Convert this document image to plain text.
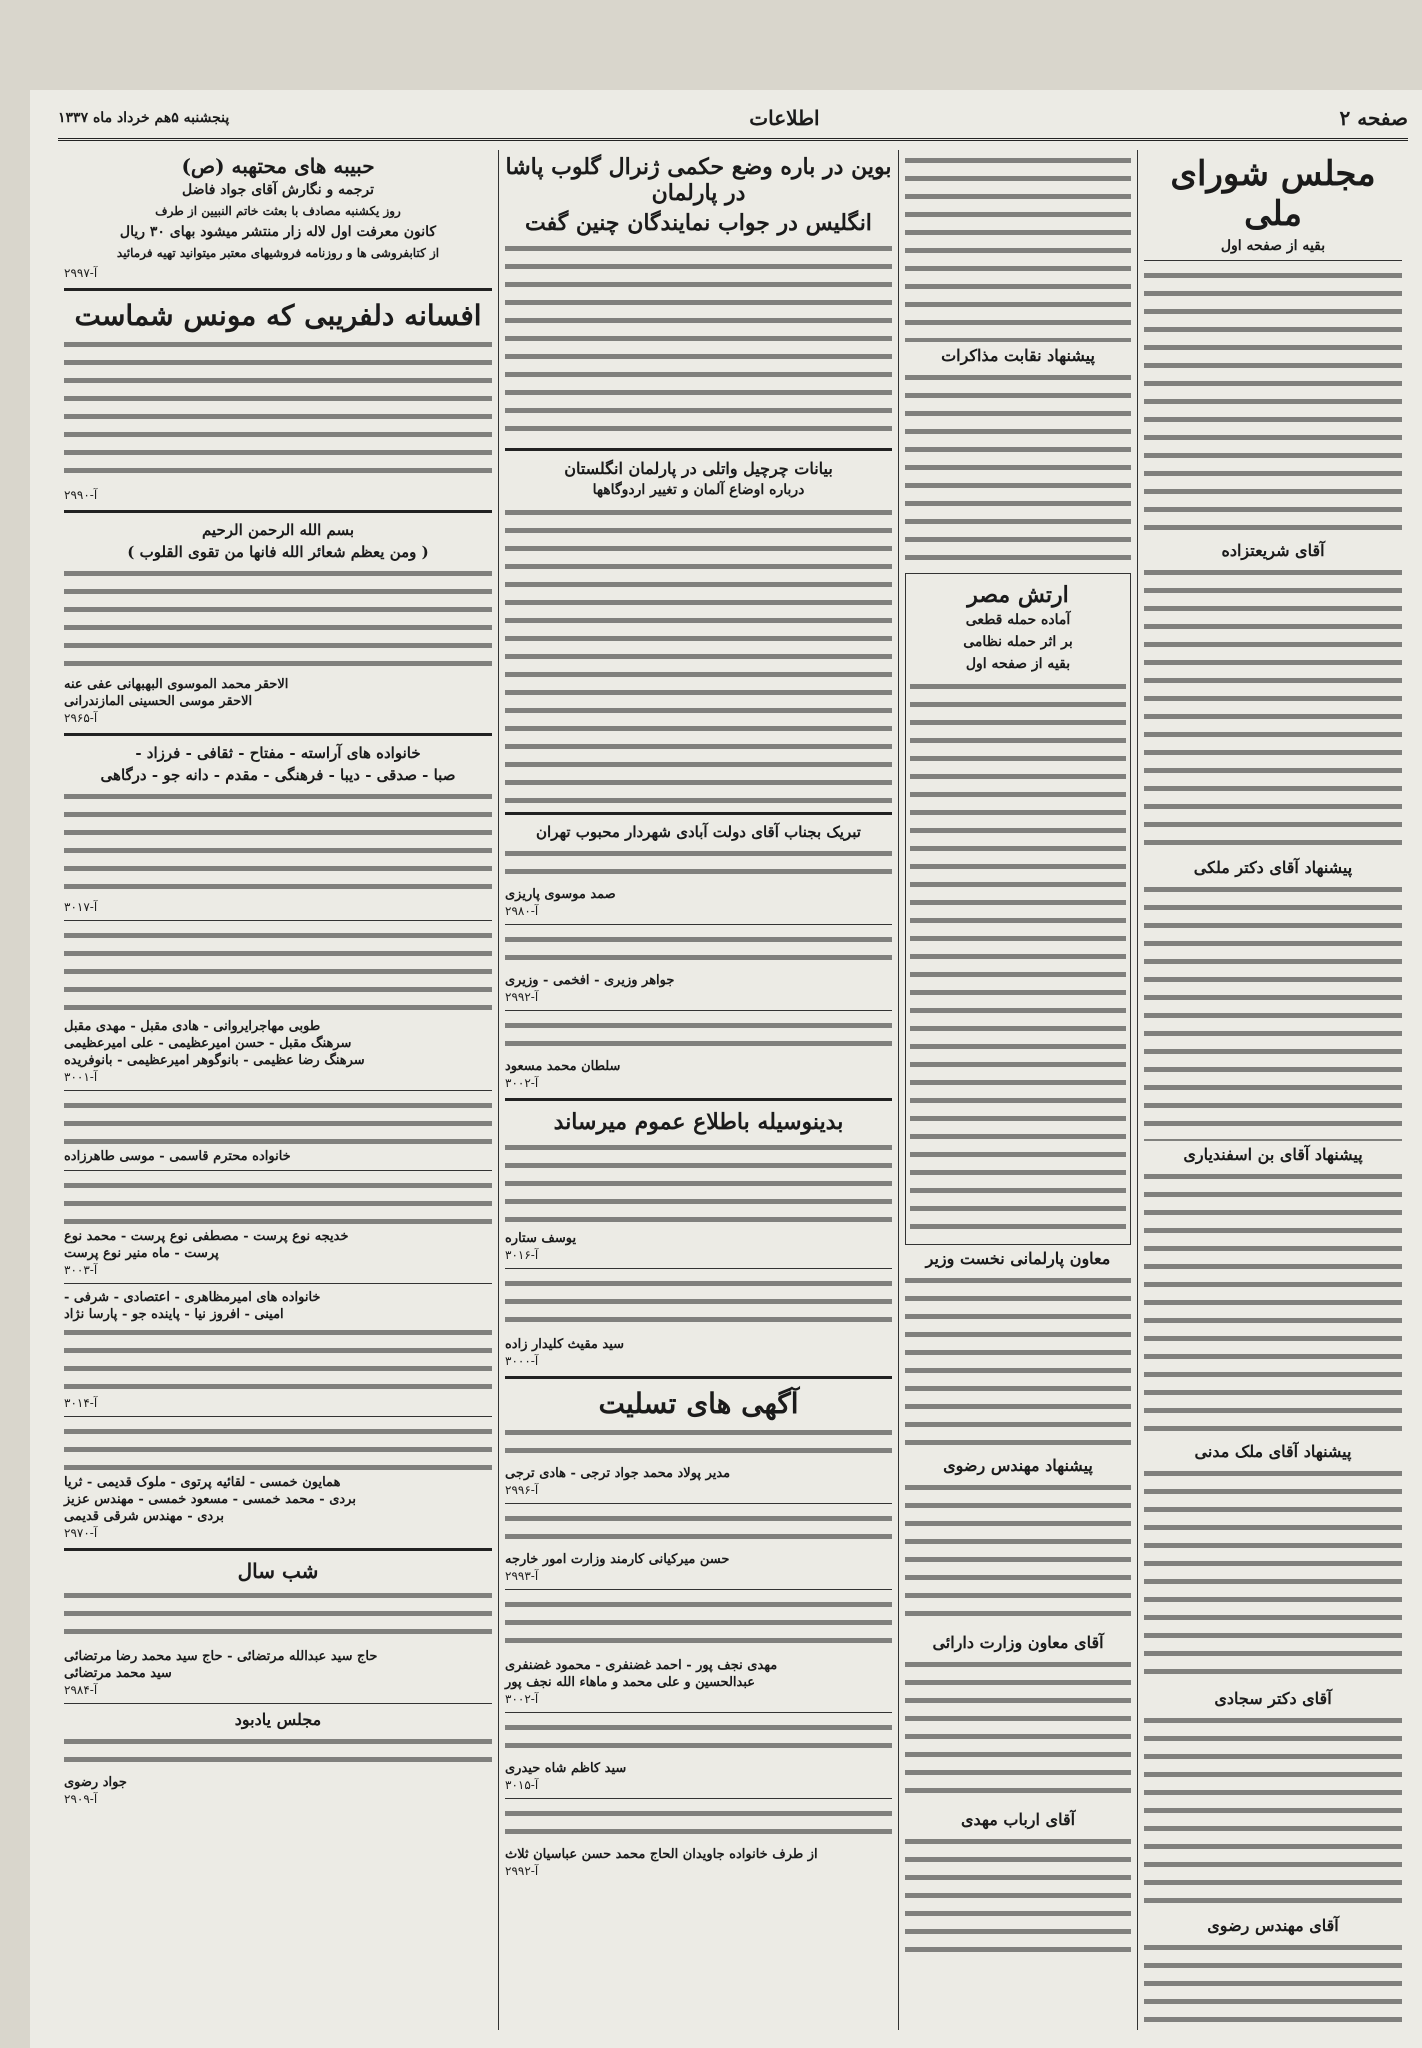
صفحه ۲
اطلاعات
پنجشنبه ۵هم خرداد ماه ۱۳۳۷
مجلس شورای ملی
بقیه از صفحه اول
آقای شریعتزاده
پیشنهاد آقای دکتر ملکی
پیشنهاد آقای بن اسفندیاری
پیشنهاد آقای ملک مدنی
آقای دکتر سجادی
آقای مهندس رضوی
پیشنهاد نقابت مذاکرات
ارتش مصر
آماده حمله قطعی
بر اثر حمله نظامی
بقیه از صفحه اول
معاون پارلمانی نخست وزیر
پیشنهاد مهندس رضوی
آقای معاون وزارت دارائی
آقای ارباب مهدی
بوین در باره وضع حکمی ژنرال گلوب پاشا در پارلمان
انگلیس در جواب نمایندگان چنین گفت
بیانات چرچیل واتلی در پارلمان انگلستان
درباره اوضاع آلمان و تغییر اردوگاهها
تبریک بجناب آقای دولت آبادی شهردار محبوب تهران
صمد موسوی پاریزی
آ-۲۹۸۰
جواهر وزیری - افخمی - وزیری
آ-۲۹۹۲
سلطان محمد مسعود
آ-۳۰۰۲
بدینوسیله باطلاع عموم میرساند
یوسف ستاره
آ-۳۰۱۶
سید مقیث کلیدار زاده
آ-۳۰۰۰
آگهی های تسلیت
مدیر پولاد محمد جواد ترجی - هادی ترجی
آ-۲۹۹۶
حسن میرکیانی کارمند وزارت امور خارجه
آ-۲۹۹۳
مهدی نجف پور - احمد غضنفری - محمود غضنفری
عبدالحسین و علی محمد و ماهاء الله نجف پور
آ-۳۰۰۲
سید کاظم شاه حیدری
آ-۳۰۱۵
از طرف خانواده جاویدان الحاج محمد حسن عباسیان ثلاث
آ-۲۹۹۲
حبیبه های محتهبه (ص)
ترجمه و نگارش آقای جواد فاضل
روز یکشنبه مصادف با بعثت خاتم النبیین از طرف
کانون معرفت اول لاله زار منتشر میشود بهای ۳۰ ریال
از کتابفروشی ها و روزنامه فروشیهای معتبر میتوانید تهیه فرمائید
آ-۲۹۹۷
افسانه دلفریبی که مونس شماست
آ-۲۹۹۰
بسم الله الرحمن الرحیم
( ومن یعظم شعائر الله فانها من تقوی القلوب )
الاحقر محمد الموسوی البهبهانی عفی عنه
الاحقر موسی الحسینی المازندرانی
آ-۲۹۶۵
خانواده های آراسته - مفتاح - ثقافی - فرزاد -
صبا - صدقی - دیبا - فرهنگی - مقدم - دانه جو - درگاهی
آ-۳۰۱۷
طوبی مهاجرایروانی - هادی مقبل - مهدی مقبل
سرهنگ مقبل - حسن امیرعظیمی - علی امیرعظیمی
سرهنگ رضا عظیمی - بانوگوهر امیرعظیمی - بانوفریده
آ-۳۰۰۱
خانواده محترم قاسمی - موسی طاهرزاده
خدیجه نوع پرست - مصطفی نوع پرست - محمد نوع
پرست - ماه منیر نوع پرست
آ-۳۰۰۳
خانواده های امیرمظاهری - اعتصادی - شرفی -
امینی - افروز نیا - پاینده جو - پارسا نژاد
آ-۳۰۱۴
همایون خمسی - لقائیه پرتوی - ملوک قدیمی - ثریا
بردی - محمد خمسی - مسعود خمسی - مهندس عزیز
بردی - مهندس شرقی قدیمی
آ-۲۹۷۰
شب سال
حاج سید عبدالله مرتضائی - حاج سید محمد رضا مرتضائی
سید محمد مرتضائی
آ-۲۹۸۴
مجلس یادبود
جواد رضوی
آ-۲۹۰۹
